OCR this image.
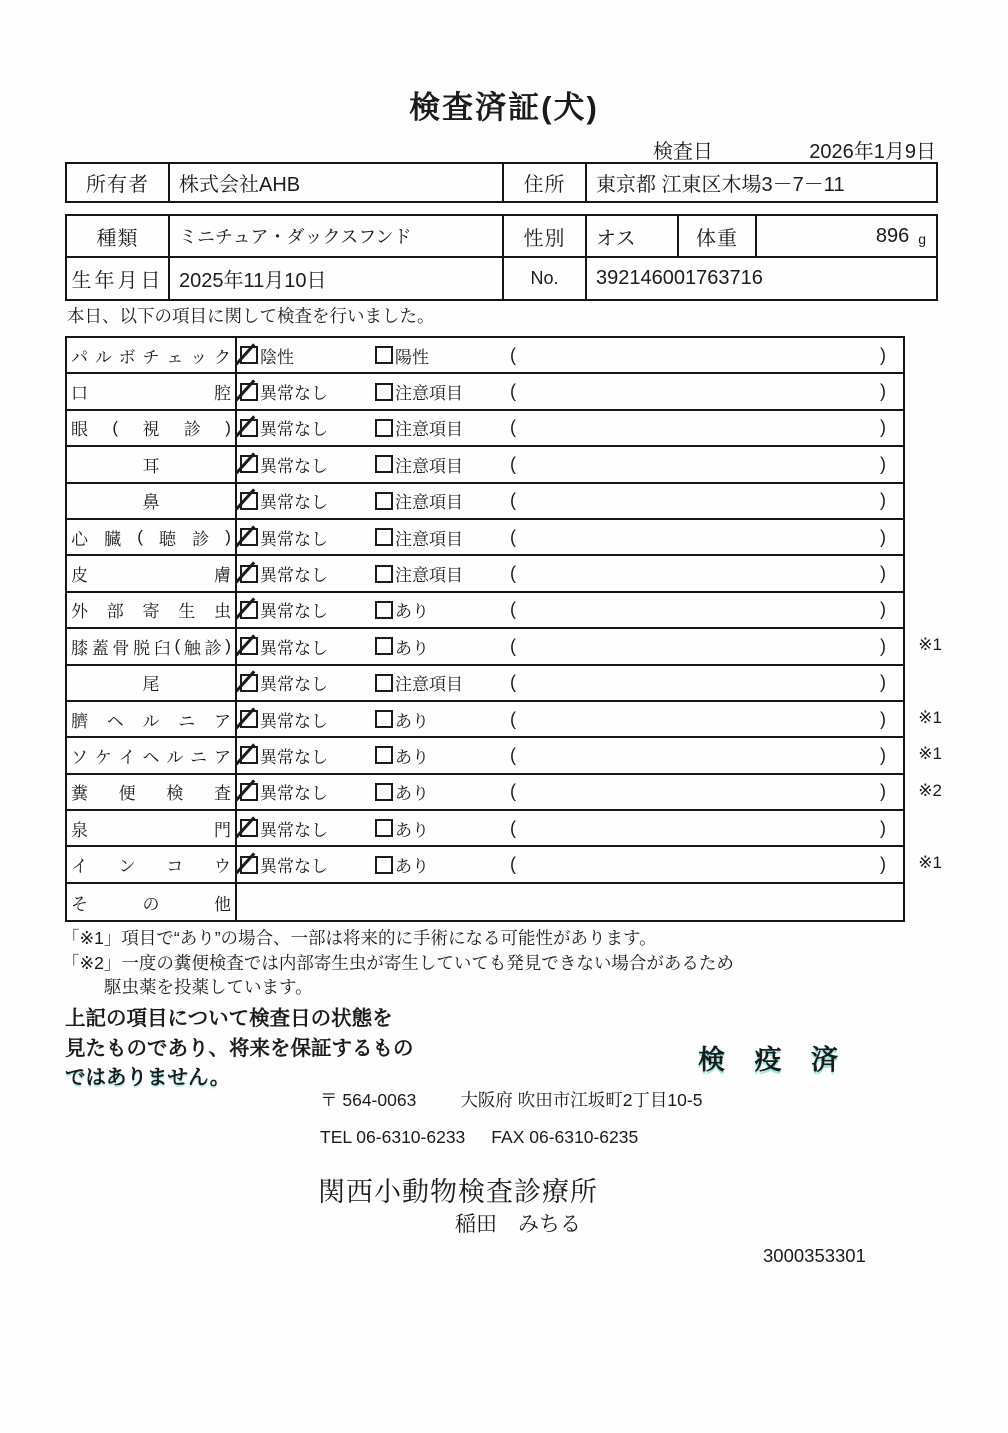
検査済証(犬)
検査日	2026年1月9日
所有者	株式会社AHB	住所	東京都 江東区木場3－7－11
種類	ミニチュア・ダックスフンド	性別	オス	体重	896 g
生年月日 2025年11月10日	No.	392146001763716
本日、以下の項目に関して検査を行いました。
パ ル ボ チ ェ ッ ク 陰性	陽性	(	)
口	腔 異常なし	注意項目	(	)
眼 ( 視 診 ) 異常なし	注意項目	(	)
耳	異常なし	注意項目	(	)
鼻	異常なし	注意項目	(	)
心 臓 ( 聴 診 ) 異常なし	注意項目	(	)
皮	膚 異常なし	注意項目	(	)
外 部 寄 生 虫 異常なし	あり	(	)
膝 蓋 骨 脱 臼 ( 触 診 ) 異常なし	あり	(	) ※1
尾	異常なし	注意項目	(	)
臍 ヘ ル ニ ア 異常なし	あり	(	) ※1
ソ ケ イ ヘ ル ニ ア 異常なし	あり	(	) ※1
糞 便 検 査 異常なし	あり	(	) ※2
泉	門 異常なし	あり	(	)
イ ン コ ウ 異常なし	あり	(	) ※1
そ	の	他
「※1」項目で“あり”の場合、一部は将来的に手術になる可能性があります。
「※2」一度の糞便検査では内部寄生虫が寄生していても発見できない場合があるため
駆虫薬を投薬しています。
上記の項目について検査日の状態を
見たものであり、将来を保証するもの
ではありません。
検 疫 済
〒 564-0063	大阪府 吹田市江坂町2丁目10-5
TEL 06-6310-6233 FAX 06-6310-6235
関西小動物検査診療所
稲田　みちる
3000353301
